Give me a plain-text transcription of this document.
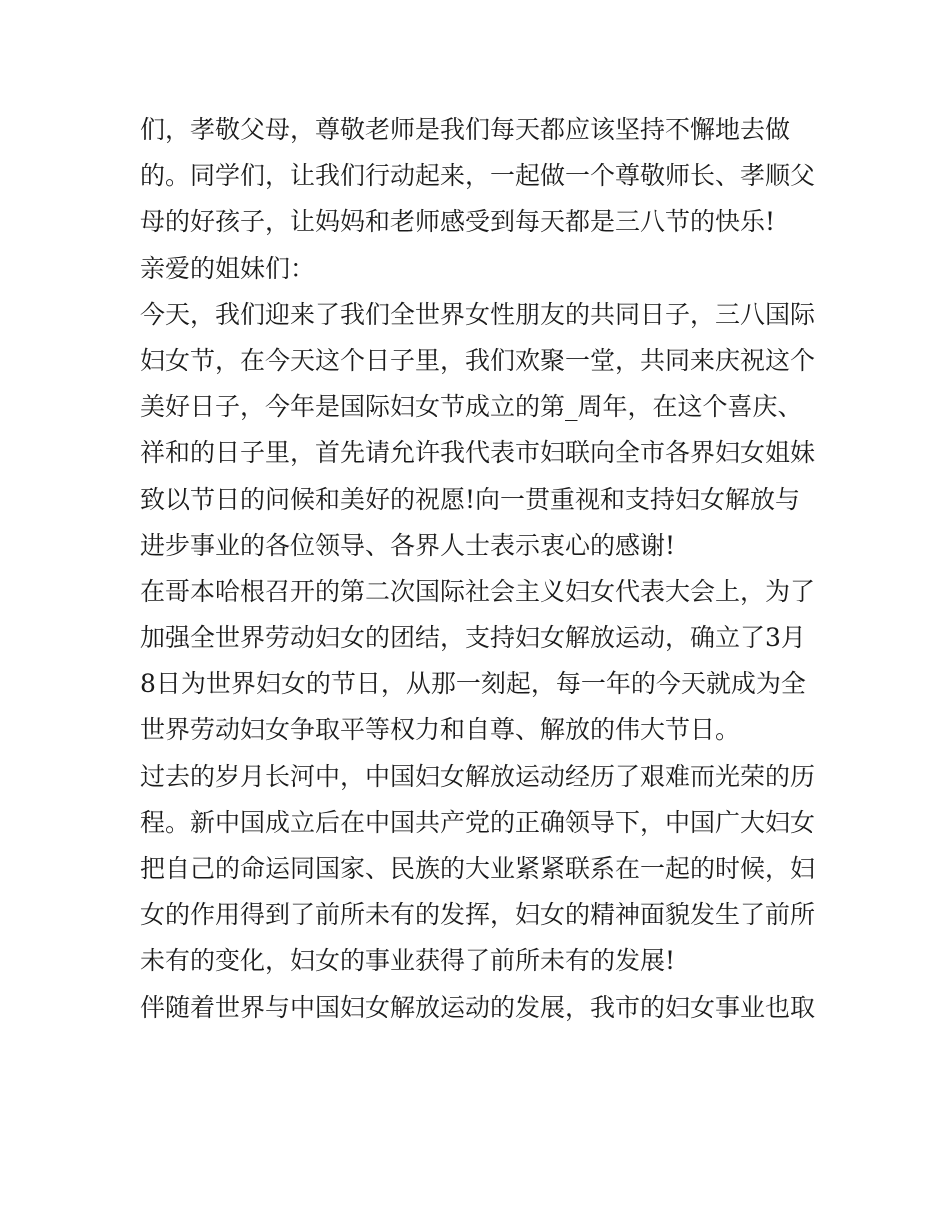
们，孝敬父母，尊敬老师是我们每天都应该坚持不懈地去做
的。同学们，让我们行动起来，一起做一个尊敬师长、孝顺父
母的好孩子，让妈妈和老师感受到每天都是三八节的快乐!
亲爱的姐妹们：
今天，我们迎来了我们全世界女性朋友的共同日子，三八国际
妇女节，在今天这个日子里，我们欢聚一堂，共同来庆祝这个
美好日子，今年是国际妇女节成立的第_周年，在这个喜庆、
祥和的日子里，首先请允许我代表市妇联向全市各界妇女姐妹
致以节日的问候和美好的祝愿!向一贯重视和支持妇女解放与
进步事业的各位领导、各界人士表示衷心的感谢!
在哥本哈根召开的第二次国际社会主义妇女代表大会上，为了
加强全世界劳动妇女的团结，支持妇女解放运动，确立了3月
8日为世界妇女的节日，从那一刻起，每一年的今天就成为全
世界劳动妇女争取平等权力和自尊、解放的伟大节日。
过去的岁月长河中，中国妇女解放运动经历了艰难而光荣的历
程。新中国成立后在中国共产党的正确领导下，中国广大妇女
把自己的命运同国家、民族的大业紧紧联系在一起的时候，妇
女的作用得到了前所未有的发挥，妇女的精神面貌发生了前所
未有的变化，妇女的事业获得了前所未有的发展!
伴随着世界与中国妇女解放运动的发展，我市的妇女事业也取
